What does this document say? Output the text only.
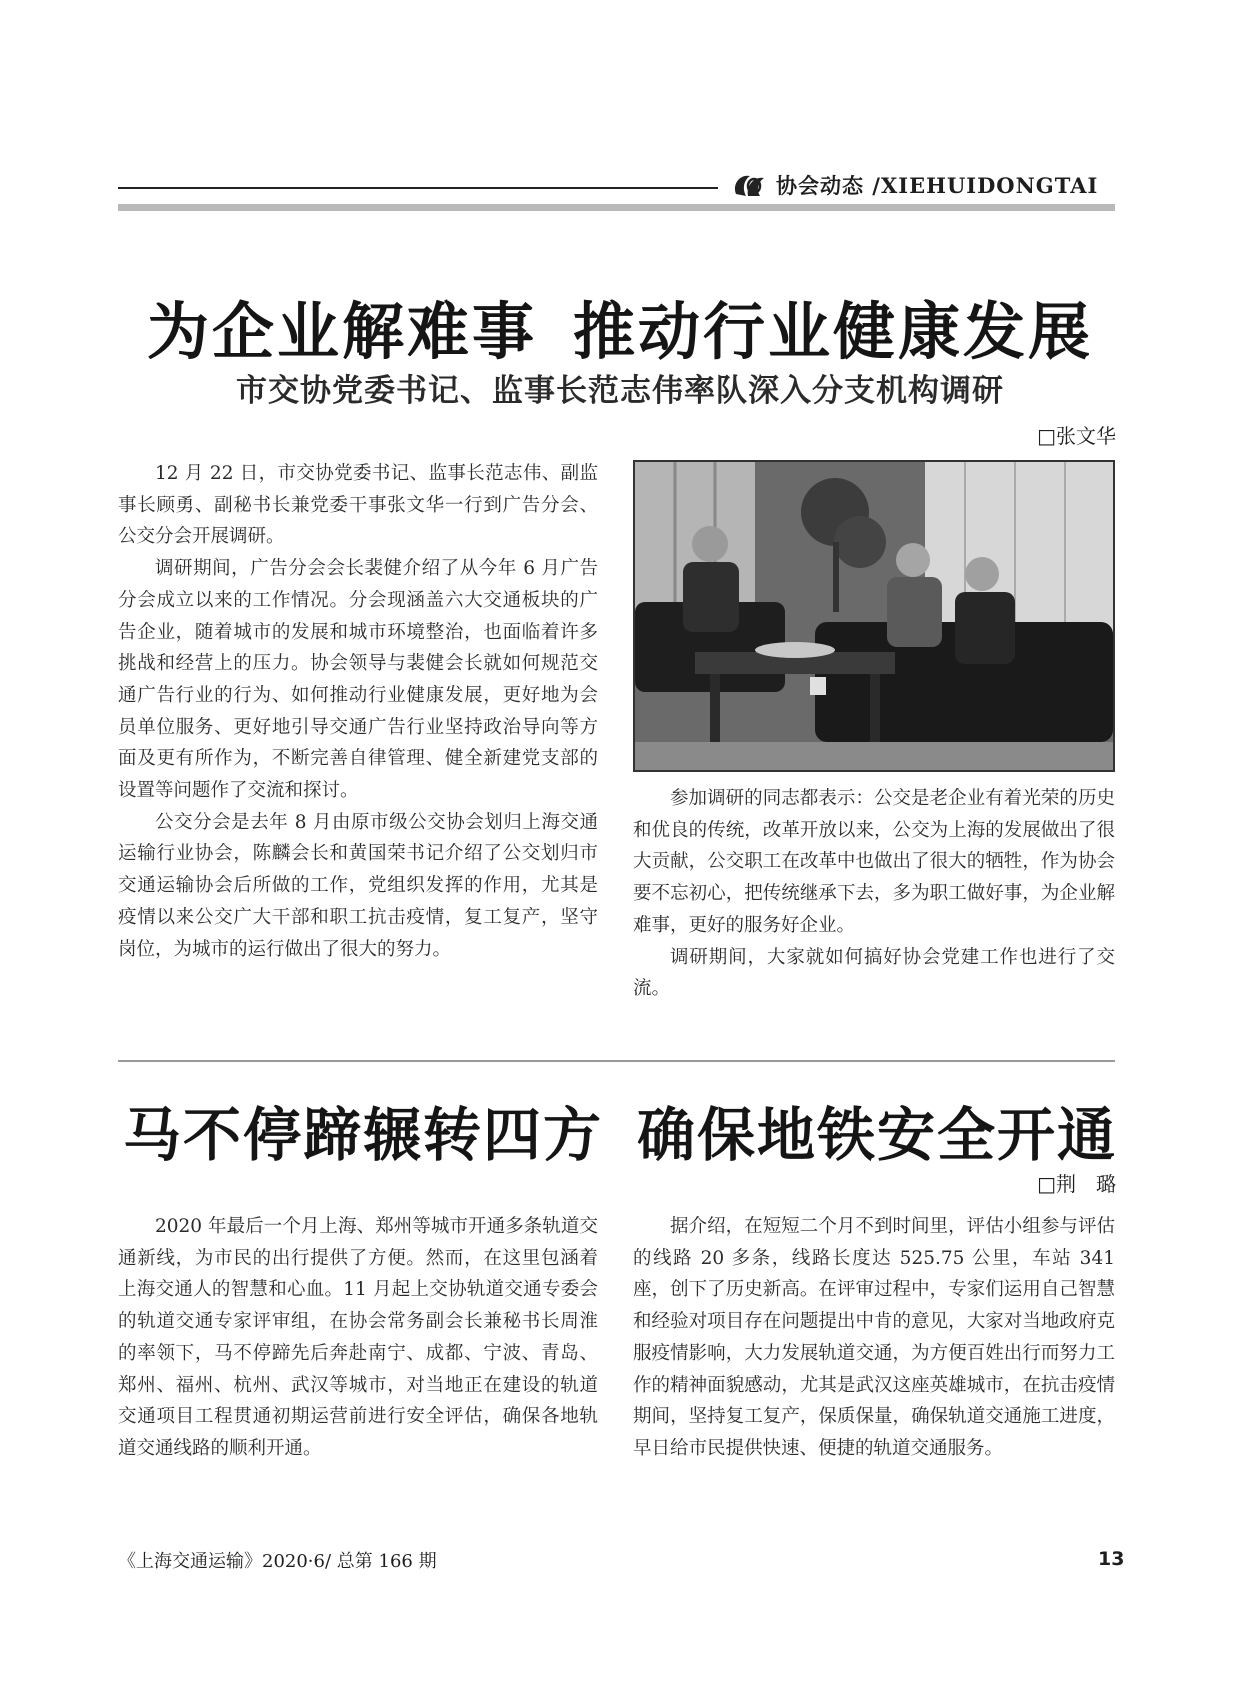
协会动态 /XIEHUIDONGTAI
为企业解难事 推动行业健康发展
市交协党委书记、监事长范志伟率队深入分支机构调研
□张文华

12 月 22 日，市交协党委书记、监事长范志伟、副监事长顾勇、副秘书长兼党委干事张文华一行到广告分会、公交分会开展调研。

调研期间，广告分会会长裴健介绍了从今年 6 月广告分会成立以来的工作情况。分会现涵盖六大交通板块的广告企业，随着城市的发展和城市环境整治，也面临着许多挑战和经营上的压力。协会领导与裴健会长就如何规范交通广告行业的行为、如何推动行业健康发展，更好地为会员单位服务、更好地引导交通广告行业坚持政治导向等方面及更有所作为，不断完善自律管理、健全新建党支部的设置等问题作了交流和探讨。

公交分会是去年 8 月由原市级公交协会划归上海交通运输行业协会，陈麟会长和黄国荣书记介绍了公交划归市交通运输协会后所做的工作，党组织发挥的作用，尤其是疫情以来公交广大干部和职工抗击疫情，复工复产，坚守岗位，为城市的运行做出了很大的努力。

参加调研的同志都表示：公交是老企业有着光荣的历史和优良的传统，改革开放以来，公交为上海的发展做出了很大贡献，公交职工在改革中也做出了很大的牺牲，作为协会要不忘初心，把传统继承下去，多为职工做好事，为企业解难事，更好的服务好企业。

调研期间，大家就如何搞好协会党建工作也进行了交流。

马不停蹄辗转四方 确保地铁安全开通
□荆　璐

2020 年最后一个月上海、郑州等城市开通多条轨道交通新线，为市民的出行提供了方便。然而，在这里包涵着上海交通人的智慧和心血。11 月起上交协轨道交通专委会的轨道交通专家评审组，在协会常务副会长兼秘书长周淮的率领下，马不停蹄先后奔赴南宁、成都、宁波、青岛、郑州、福州、杭州、武汉等城市，对当地正在建设的轨道交通项目工程贯通初期运营前进行安全评估，确保各地轨道交通线路的顺利开通。

据介绍，在短短二个月不到时间里，评估小组参与评估的线路 20 多条，线路长度达 525.75 公里，车站 341 座，创下了历史新高。在评审过程中，专家们运用自己智慧和经验对项目存在问题提出中肯的意见，大家对当地政府克服疫情影响，大力发展轨道交通，为方便百姓出行而努力工作的精神面貌感动，尤其是武汉这座英雄城市，在抗击疫情期间，坚持复工复产，保质保量，确保轨道交通施工进度，早日给市民提供快速、便捷的轨道交通服务。

《上海交通运输》2020·6/ 总第 166 期	13
